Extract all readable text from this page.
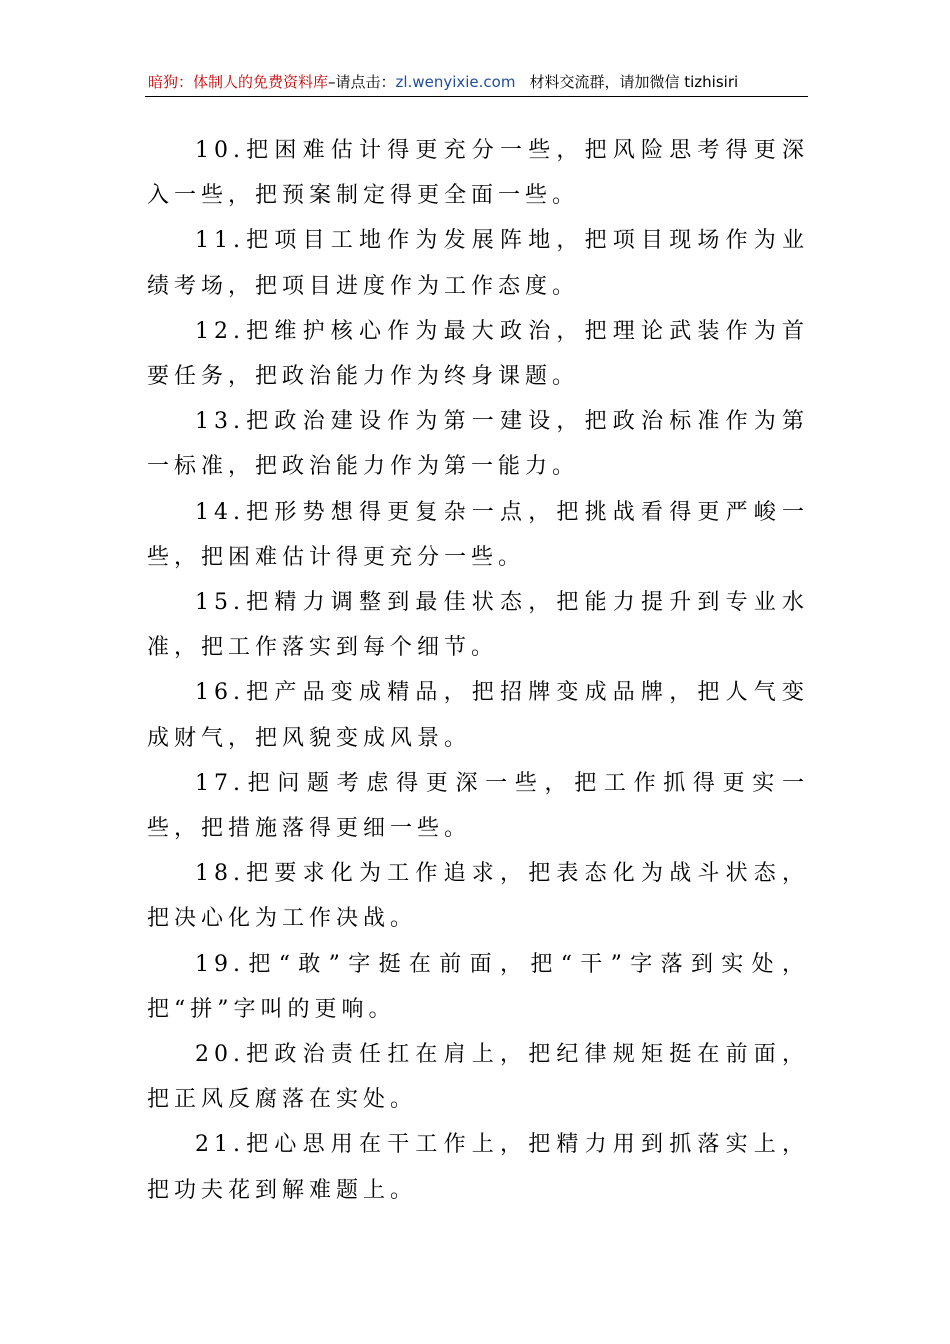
暗狗：体制人的免费资料库–请点击：zl.wenyixie.com 材料交流群，请加微信 tizhisiri

10.把困难估计得更充分一些，把风险思考得更深入一些，把预案制定得更全面一些。

11.把项目工地作为发展阵地，把项目现场作为业绩考场，把项目进度作为工作态度。

12.把维护核心作为最大政治，把理论武装作为首要任务，把政治能力作为终身课题。

13.把政治建设作为第一建设，把政治标准作为第一标准，把政治能力作为第一能力。

14.把形势想得更复杂一点，把挑战看得更严峻一些，把困难估计得更充分一些。

15.把精力调整到最佳状态，把能力提升到专业水准，把工作落实到每个细节。

16.把产品变成精品，把招牌变成品牌，把人气变成财气，把风貌变成风景。

17.把问题考虑得更深一些，把工作抓得更实一些，把措施落得更细一些。

18.把要求化为工作追求，把表态化为战斗状态，把决心化为工作决战。

19.把“敢”字挺在前面，把“干”字落到实处，把“拼”字叫的更响。

20.把政治责任扛在肩上，把纪律规矩挺在前面，把正风反腐落在实处。

21.把心思用在干工作上，把精力用到抓落实上，把功夫花到解难题上。
